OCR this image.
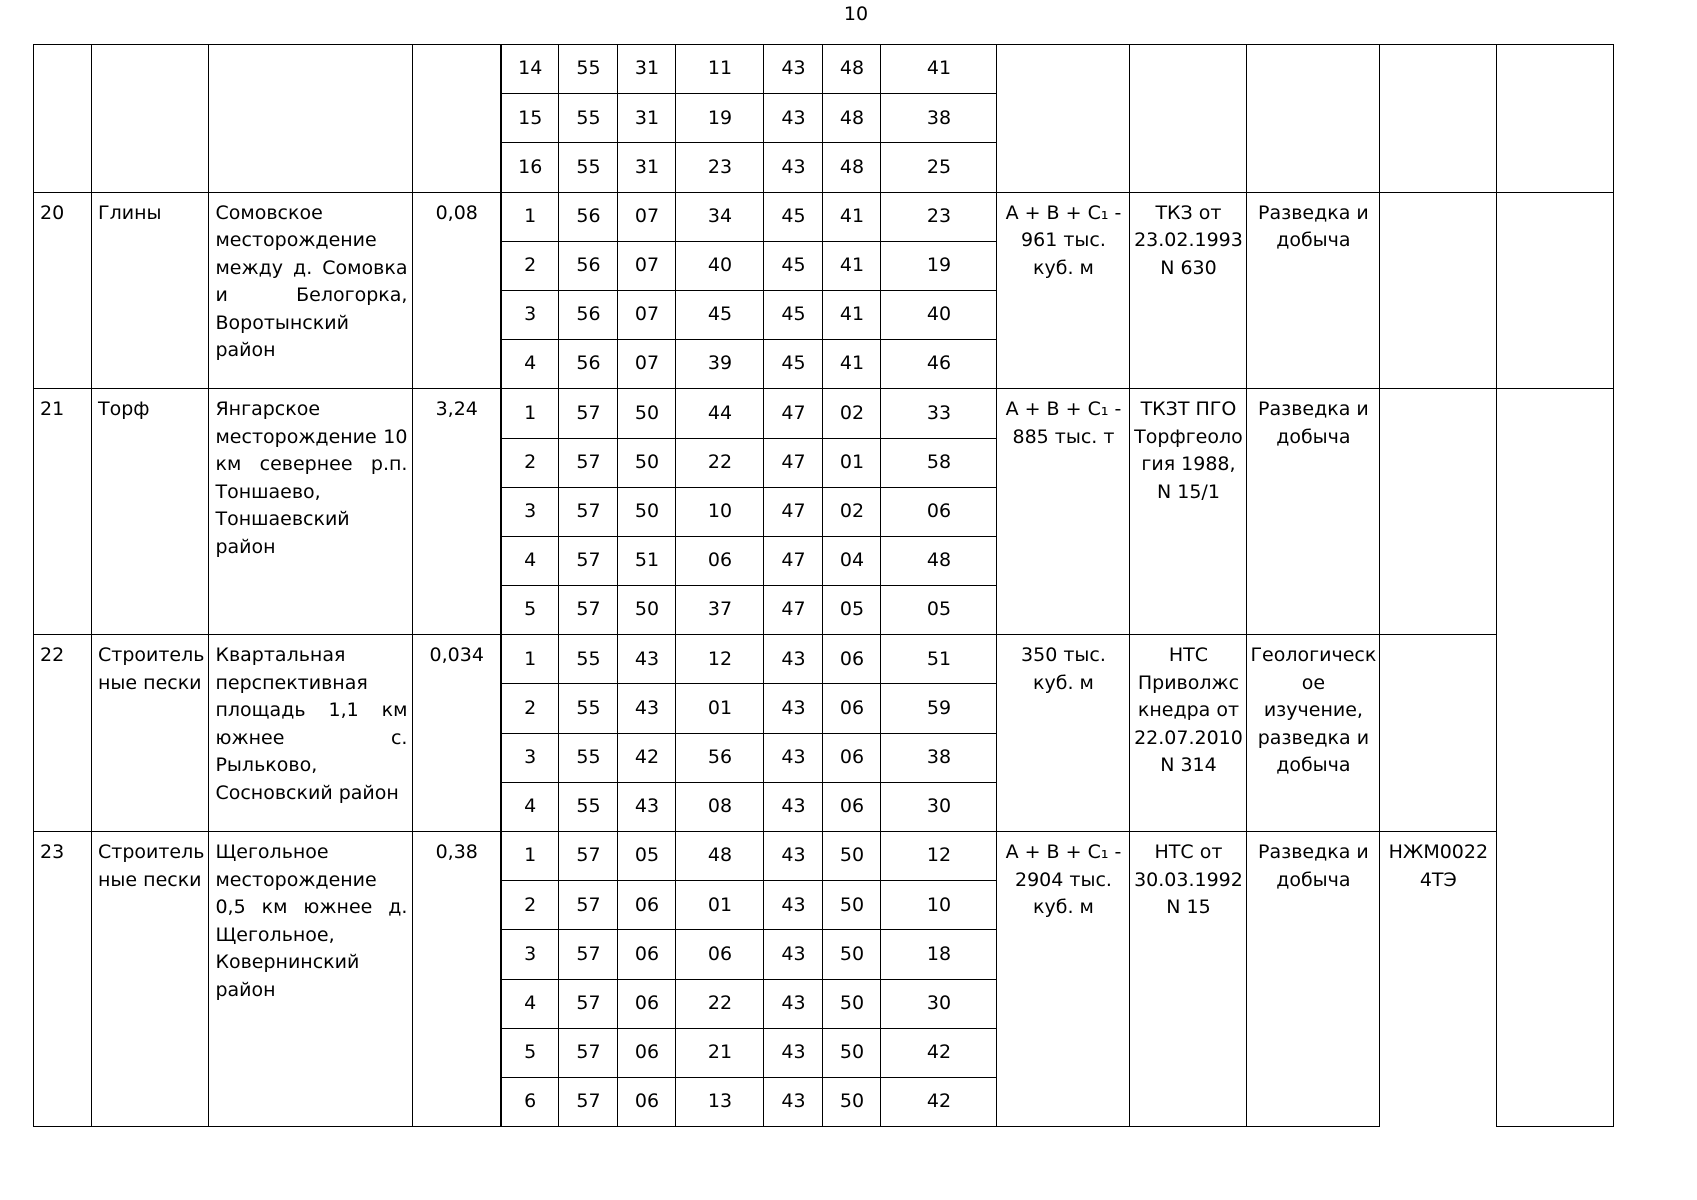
10
				14	55	31	11	43	48	41					
				15	55	31	19	43	48	38					
				16	55	31	23	43	48	25					
20	Глины	Сомовское месторождение между д. Сомовка и Белогорка, Воротынский район	0,08	1	56	07	34	45	41	23	А + В + C₁ - 961 тыс. куб. м	ТКЗ от 23.02.1993 N 630	Разведка и добыча		
				2	56	07	40	45	41	19					
				3	56	07	45	45	41	40					
				4	56	07	39	45	41	46					
21	Торф	Янгарское месторождение 10 км севернее р.п. Тоншаево, Тоншаевский район	3,24	1	57	50	44	47	02	33	А + В + C₁ - 885 тыс. т	ТКЗТ ПГО Торфгеоло гия 1988, N 15/1	Разведка и добыча		
				2	57	50	22	47	01	58					
				3	57	50	10	47	02	06					
				4	57	51	06	47	04	48					
				5	57	50	37	47	05	05					
22	Строитель ные пески	Квартальная перспективная площадь 1,1 км южнее с. Рыльково, Сосновский район	0,034	1	55	43	12	43	06	51	350 тыс. куб. м	НТС Приволжс кнедра от 22.07.2010 N 314	Геологическ ое изучение, разведка и добыча		
				2	55	43	01	43	06	59					
				3	55	42	56	43	06	38					
				4	55	43	08	43	06	30					
23	Строитель ные пески	Щегольное месторождение 0,5 км южнее д. Щегольное, Ковернинский район	0,38	1	57	05	48	43	50	12	А + В + C₁ - 2904 тыс. куб. м	НТС от 30.03.1992 N 15	Разведка и добыча	НЖМ0022 4ТЭ	
				2	57	06	01	43	50	10					
				3	57	06	06	43	50	18					
				4	57	06	22	43	50	30					
				5	57	06	21	43	50	42					
				6	57	06	13	43	50	42					
